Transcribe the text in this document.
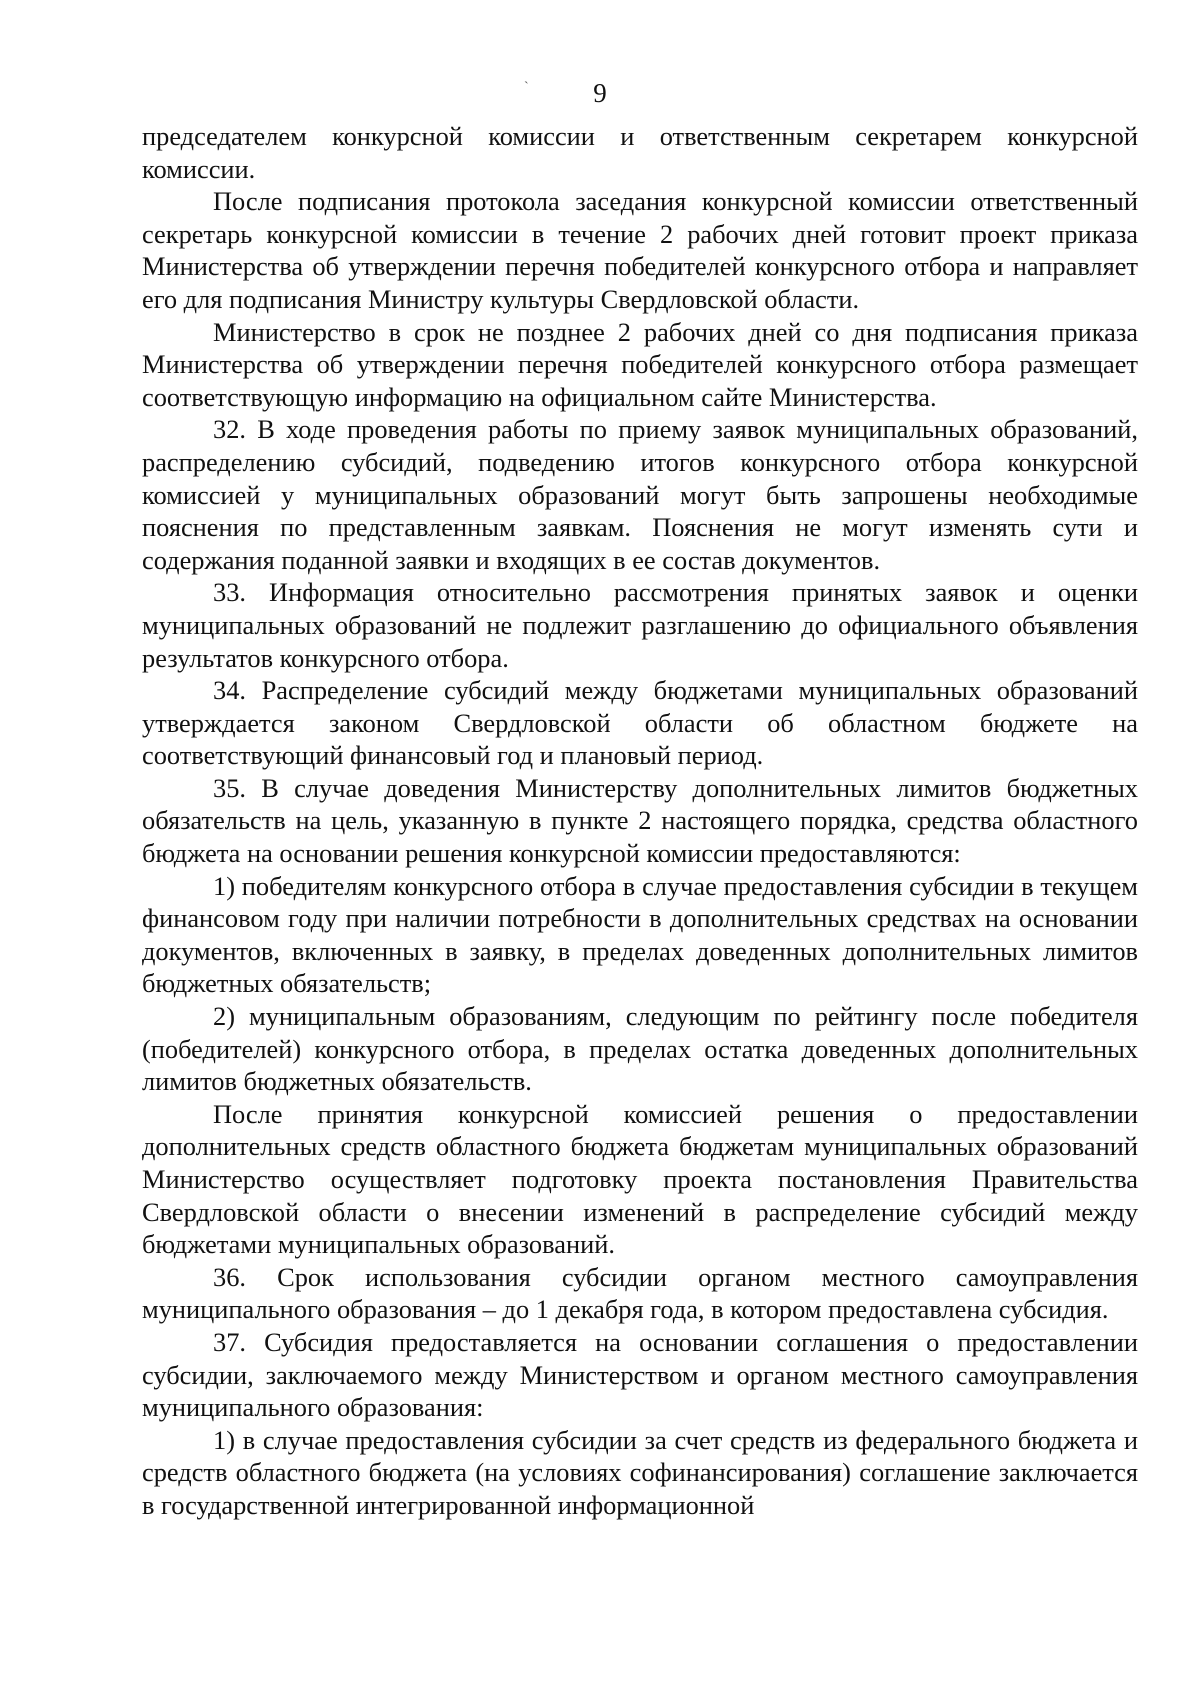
9
`

председателем конкурсной комиссии и ответственным секретарем конкурсной комиссии.

После подписания протокола заседания конкурсной комиссии ответственный секретарь конкурсной комиссии в течение 2 рабочих дней готовит проект приказа Министерства об утверждении перечня победителей конкурсного отбора и направляет его для подписания Министру культуры Свердловской области.

Министерство в срок не позднее 2 рабочих дней со дня подписания приказа Министерства об утверждении перечня победителей конкурсного отбора размещает соответствующую информацию на официальном сайте Министерства.

32. В ходе проведения работы по приему заявок муниципальных образований, распределению субсидий, подведению итогов конкурсного отбора конкурсной комиссией у муниципальных образований могут быть запрошены необходимые пояснения по представленным заявкам. Пояснения не могут изменять сути и содержания поданной заявки и входящих в ее состав документов.

33. Информация относительно рассмотрения принятых заявок и оценки муниципальных образований не подлежит разглашению до официального объявления результатов конкурсного отбора.

34. Распределение субсидий между бюджетами муниципальных образований утверждается законом Свердловской области об областном бюджете на соответствующий финансовый год и плановый период.

35. В случае доведения Министерству дополнительных лимитов бюджетных обязательств на цель, указанную в пункте 2 настоящего порядка, средства областного бюджета на основании решения конкурсной комиссии предоставляются:

1) победителям конкурсного отбора в случае предоставления субсидии в текущем финансовом году при наличии потребности в дополнительных средствах на основании документов, включенных в заявку, в пределах доведенных дополнительных лимитов бюджетных обязательств;

2) муниципальным образованиям, следующим по рейтингу после победителя (победителей) конкурсного отбора, в пределах остатка доведенных дополнительных лимитов бюджетных обязательств.

После принятия конкурсной комиссией решения о предоставлении дополнительных средств областного бюджета бюджетам муниципальных образований Министерство осуществляет подготовку проекта постановления Правительства Свердловской области о внесении изменений в распределение субсидий между бюджетами муниципальных образований.

36. Срок использования субсидии органом местного самоуправления муниципального образования – до 1 декабря года, в котором предоставлена субсидия.

37. Субсидия предоставляется на основании соглашения о предоставлении субсидии, заключаемого между Министерством и органом местного самоуправления муниципального образования:

1) в случае предоставления субсидии за счет средств из федерального бюджета и средств областного бюджета (на условиях софинансирования) соглашение заключается в государственной интегрированной информационной
